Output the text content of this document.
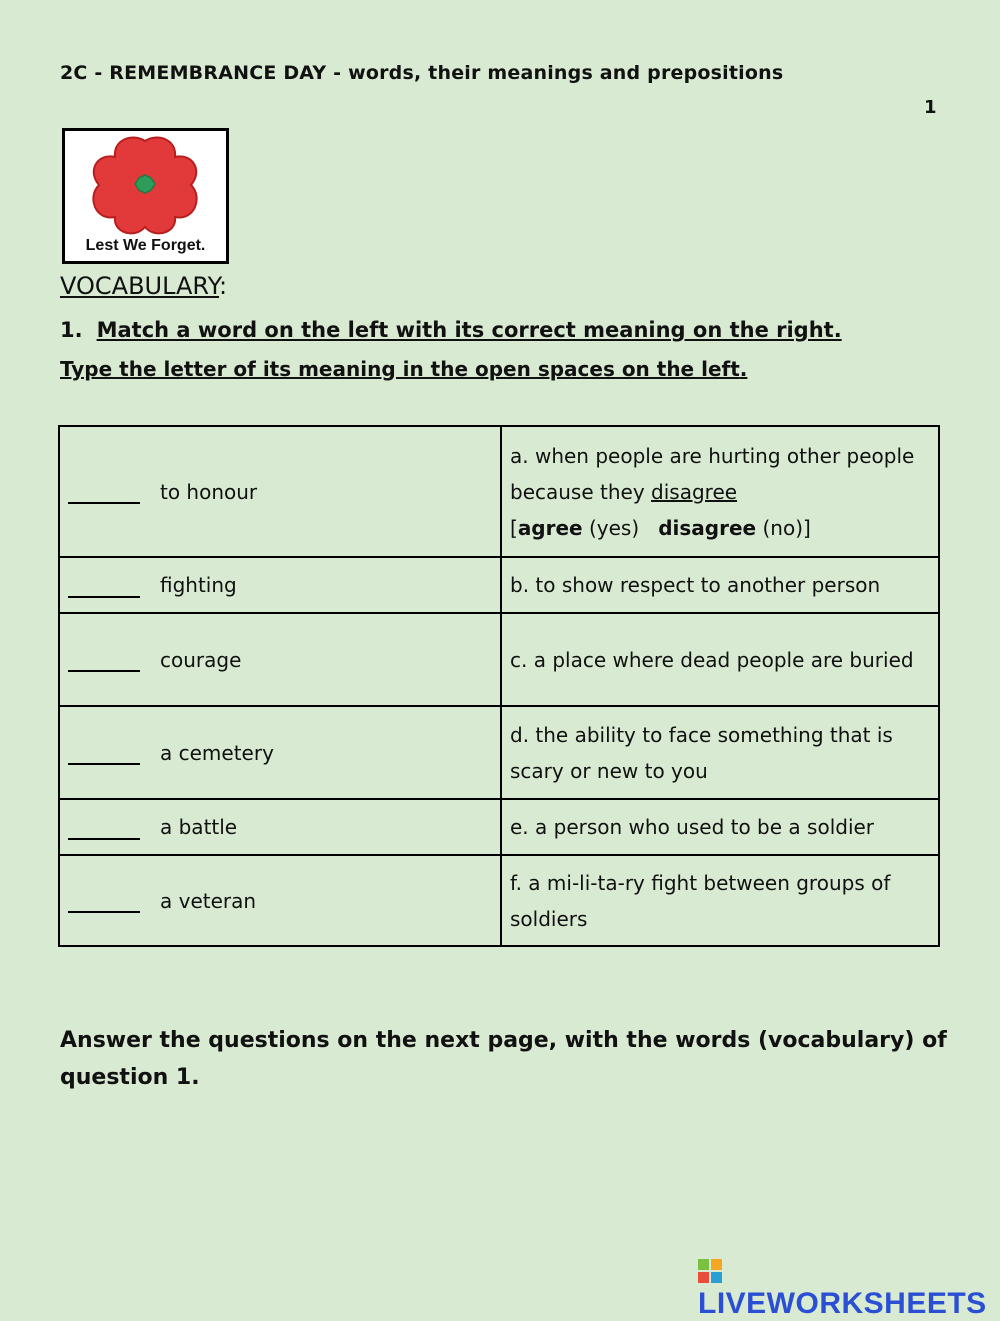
2C - REMEMBRANCE DAY - words, their meanings and prepositions
1
Lest We Forget.
VOCABULARY:
1. Match a word on the left with its correct meaning on the right.
Type the letter of its meaning in the open spaces on the left.
to honour	a. when people are hurting other people because they disagree
[agree (yes)   disagree (no)]
fighting	b. to show respect to another person
courage	c. a place where dead people are buried
a cemetery	d. the ability to face something that is scary or new to you
a battle	e. a person who used to be a soldier
a veteran	f. a mi-li-ta-ry fight between groups of soldiers
Answer the questions on the next page, with the words (vocabulary) of question 1.
LIVEWORKSHEETS
